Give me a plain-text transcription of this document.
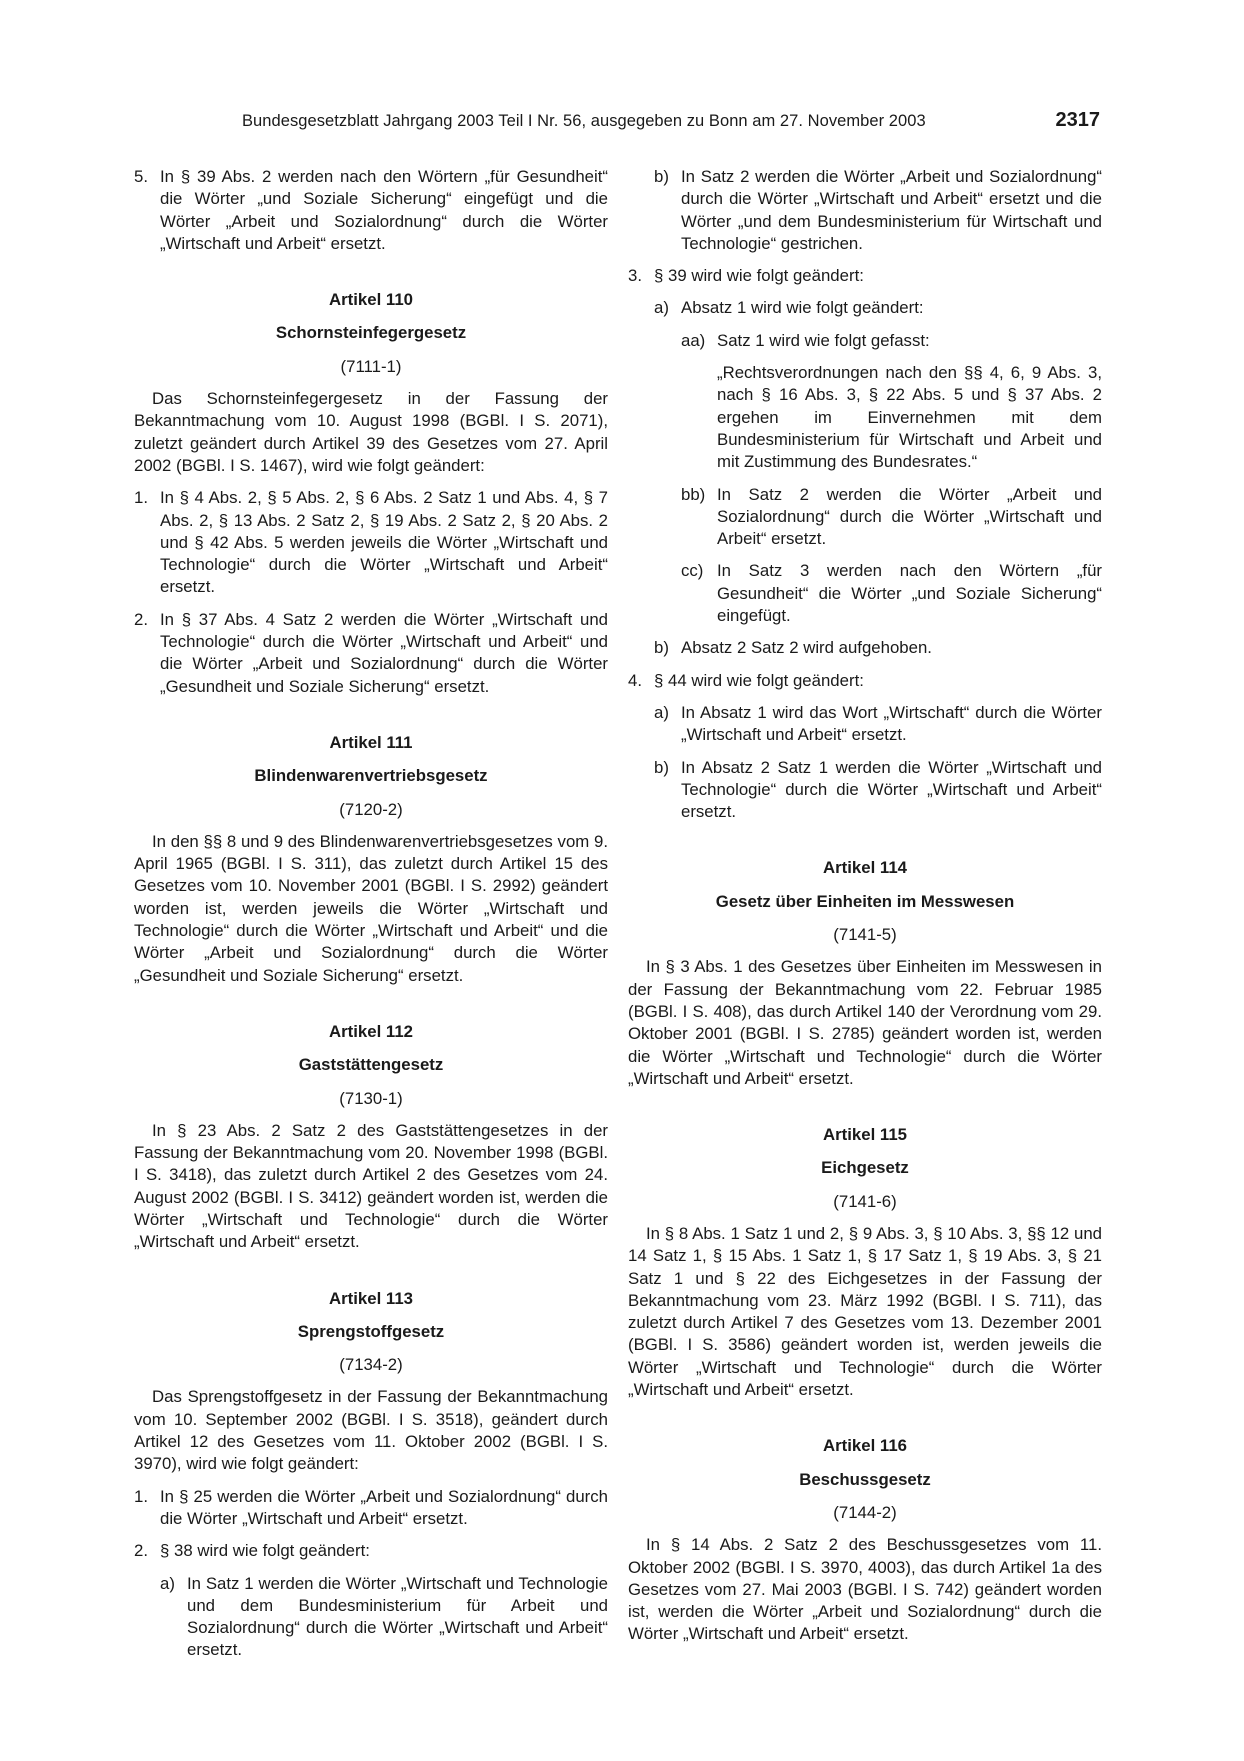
Bundesgesetzblatt Jahrgang 2003 Teil I Nr. 56, ausgegeben zu Bonn am 27. November 2003	2317
5. In § 39 Abs. 2 werden nach den Wörtern „für Gesundheit“ die Wörter „und Soziale Sicherung“ eingefügt und die Wörter „Arbeit und Sozialordnung“ durch die Wörter „Wirtschaft und Arbeit“ ersetzt.
Artikel 110
Schornsteinfegergesetz
(7111-1)
Das Schornsteinfegergesetz in der Fassung der Bekanntmachung vom 10. August 1998 (BGBl. I S. 2071), zuletzt geändert durch Artikel 39 des Gesetzes vom 27. April 2002 (BGBl. I S. 1467), wird wie folgt geändert:
1. In § 4 Abs. 2, § 5 Abs. 2, § 6 Abs. 2 Satz 1 und Abs. 4, § 7 Abs. 2, § 13 Abs. 2 Satz 2, § 19 Abs. 2 Satz 2, § 20 Abs. 2 und § 42 Abs. 5 werden jeweils die Wörter „Wirtschaft und Technologie“ durch die Wörter „Wirtschaft und Arbeit“ ersetzt.
2. In § 37 Abs. 4 Satz 2 werden die Wörter „Wirtschaft und Technologie“ durch die Wörter „Wirtschaft und Arbeit“ und die Wörter „Arbeit und Sozialordnung“ durch die Wörter „Gesundheit und Soziale Sicherung“ ersetzt.
Artikel 111
Blindenwarenvertriebsgesetz
(7120-2)
In den §§ 8 und 9 des Blindenwarenvertriebsgesetzes vom 9. April 1965 (BGBl. I S. 311), das zuletzt durch Artikel 15 des Gesetzes vom 10. November 2001 (BGBl. I S. 2992) geändert worden ist, werden jeweils die Wörter „Wirtschaft und Technologie“ durch die Wörter „Wirtschaft und Arbeit“ und die Wörter „Arbeit und Sozialordnung“ durch die Wörter „Gesundheit und Soziale Sicherung“ ersetzt.
Artikel 112
Gaststättengesetz
(7130-1)
In § 23 Abs. 2 Satz 2 des Gaststättengesetzes in der Fassung der Bekanntmachung vom 20. November 1998 (BGBl. I S. 3418), das zuletzt durch Artikel 2 des Gesetzes vom 24. August 2002 (BGBl. I S. 3412) geändert worden ist, werden die Wörter „Wirtschaft und Technologie“ durch die Wörter „Wirtschaft und Arbeit“ ersetzt.
Artikel 113
Sprengstoffgesetz
(7134-2)
Das Sprengstoffgesetz in der Fassung der Bekanntmachung vom 10. September 2002 (BGBl. I S. 3518), geändert durch Artikel 12 des Gesetzes vom 11. Oktober 2002 (BGBl. I S. 3970), wird wie folgt geändert:
1. In § 25 werden die Wörter „Arbeit und Sozialordnung“ durch die Wörter „Wirtschaft und Arbeit“ ersetzt.
2. § 38 wird wie folgt geändert:
a) In Satz 1 werden die Wörter „Wirtschaft und Technologie und dem Bundesministerium für Arbeit und Sozialordnung“ durch die Wörter „Wirtschaft und Arbeit“ ersetzt.
b) In Satz 2 werden die Wörter „Arbeit und Sozialordnung“ durch die Wörter „Wirtschaft und Arbeit“ ersetzt und die Wörter „und dem Bundesministerium für Wirtschaft und Technologie“ gestrichen.
3. § 39 wird wie folgt geändert:
a) Absatz 1 wird wie folgt geändert:
aa) Satz 1 wird wie folgt gefasst:
„Rechtsverordnungen nach den §§ 4, 6, 9 Abs. 3, nach § 16 Abs. 3, § 22 Abs. 5 und § 37 Abs. 2 ergehen im Einvernehmen mit dem Bundesministerium für Wirtschaft und Arbeit und mit Zustimmung des Bundesrates.“
bb) In Satz 2 werden die Wörter „Arbeit und Sozialordnung“ durch die Wörter „Wirtschaft und Arbeit“ ersetzt.
cc) In Satz 3 werden nach den Wörtern „für Gesundheit“ die Wörter „und Soziale Sicherung“ eingefügt.
b) Absatz 2 Satz 2 wird aufgehoben.
4. § 44 wird wie folgt geändert:
a) In Absatz 1 wird das Wort „Wirtschaft“ durch die Wörter „Wirtschaft und Arbeit“ ersetzt.
b) In Absatz 2 Satz 1 werden die Wörter „Wirtschaft und Technologie“ durch die Wörter „Wirtschaft und Arbeit“ ersetzt.
Artikel 114
Gesetz über Einheiten im Messwesen
(7141-5)
In § 3 Abs. 1 des Gesetzes über Einheiten im Messwesen in der Fassung der Bekanntmachung vom 22. Februar 1985 (BGBl. I S. 408), das durch Artikel 140 der Verordnung vom 29. Oktober 2001 (BGBl. I S. 2785) geändert worden ist, werden die Wörter „Wirtschaft und Technologie“ durch die Wörter „Wirtschaft und Arbeit“ ersetzt.
Artikel 115
Eichgesetz
(7141-6)
In § 8 Abs. 1 Satz 1 und 2, § 9 Abs. 3, § 10 Abs. 3, §§ 12 und 14 Satz 1, § 15 Abs. 1 Satz 1, § 17 Satz 1, § 19 Abs. 3, § 21 Satz 1 und § 22 des Eichgesetzes in der Fassung der Bekanntmachung vom 23. März 1992 (BGBl. I S. 711), das zuletzt durch Artikel 7 des Gesetzes vom 13. Dezember 2001 (BGBl. I S. 3586) geändert worden ist, werden jeweils die Wörter „Wirtschaft und Technologie“ durch die Wörter „Wirtschaft und Arbeit“ ersetzt.
Artikel 116
Beschussgesetz
(7144-2)
In § 14 Abs. 2 Satz 2 des Beschussgesetzes vom 11. Oktober 2002 (BGBl. I S. 3970, 4003), das durch Artikel 1a des Gesetzes vom 27. Mai 2003 (BGBl. I S. 742) geändert worden ist, werden die Wörter „Arbeit und Sozialordnung“ durch die Wörter „Wirtschaft und Arbeit“ ersetzt.
